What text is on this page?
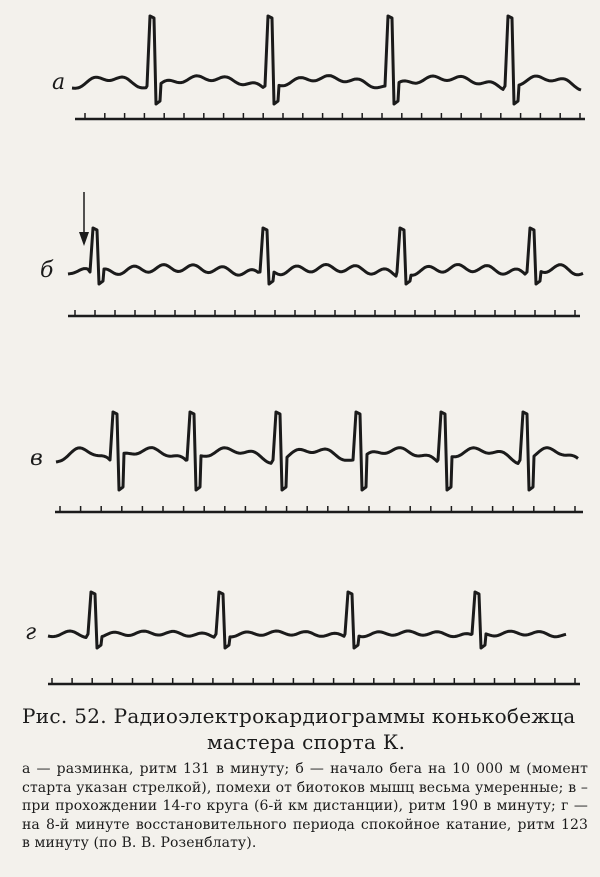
а
б
в
г
Рис. 52. Радиоэлектрокардиограммы конькобежца
мастера спорта К.
а — разминка, ритм 131 в минуту; б — начало бега на 10 000 м (момент старта указан стрелкой), помехи от биотоков мышц весьма умеренные; в – при прохождении 14-го круга (6-й км дистанции), ритм 190 в минуту; г — на 8-й минуте восстановительного периода спокойное катание, ритм 123 в минуту (по В. В. Розенблату).
